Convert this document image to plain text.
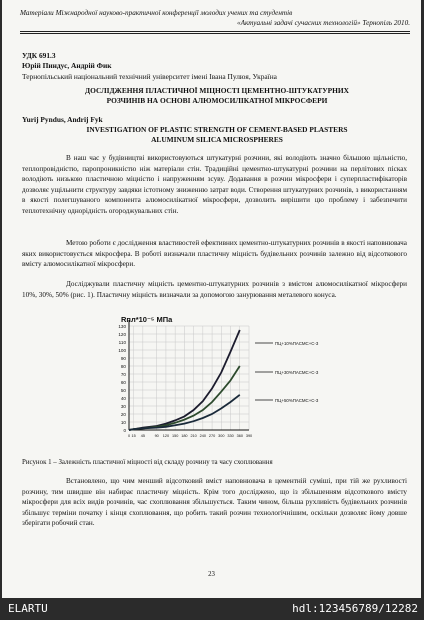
Матеріали Міжнародної науково-практичної конференції молодих учених та студентів
«Актуальні задачі сучасних технологій» Тернопіль 2010.
УДК 691.3
Юрій Пиндус, Андрій Фик
Тернопільський національний технічний університет імені Івана Пулюя, Україна
ДОСЛІДЖЕННЯ ПЛАСТИЧНОЇ МІЦНОСТІ ЦЕМЕНТНО-ШТУКАТУРНИХ
РОЗЧИНІВ НА ОСНОВІ АЛЮМОСИЛІКАТНОЇ МІКРОСФЕРИ
Yurij Pyndus, Andrij Fyk
INVESTIGATION OF PLASTIC STRENGTH OF CEMENT-BASED PLASTERS
ALUMINUM SILICA MICROSPHERES
В наш час у будівництві використовуються штукатурні розчини, які володіють значно більшою щільністю, теплопровідністю, паропроникністю ніж матеріали стін. Традиційні цементно-штукатурні розчини на перлітових пісках володіють низькою пластичною міцністю і напруженням зсуву. Додавання в розчин мікросфери і суперпластифікаторів дозволяє ущільнити структуру завдяки істотному зниженню затрат води. Створення штукатурних розчинів, з використанням в якості полегшуваного компонента алюмосилікатної мікросфери, дозволить вирішити цю проблему і забезпечити теплотехнічну однорідність огороджувальних стін.
Метою роботи є дослідження властивостей ефективних цементно-штукатурних розчинів в якості наповнювача яких використовується мікросфера. В роботі визначали пластичну міцність будівельних розчинів залежно від відсоткового вмісту алюмосилікатної мікросфери.
Досліджували пластичну міцність цементно-штукатурних розчинів з вмістом алюмосилікатної мікросфери 10%, 30%, 50% (рис. 1). Пластичну міцність визначали за допомогою занурювання металевого конуса.
Rпл*10⁻⁵ МПа
130
120
110
100
90
80
70
60
50
40
30
20
10
0
0 15 45	90 120 150 180 210 240 270 300 330 360 390
ПЦ+10%ПАСМС+С-3
ПЦ+30%ПАСМС+С-3
ПЦ+50%ПАСМС+С-3
Рисунок 1 – Залежність пластичної міцності від складу розчину та часу схоплювання
Встановлено, що чим менший відсотковий вміст наповнювача в цементній суміші, при тій же рухливості розчину, тим швидше він набирає пластичну міцність. Крім того досліджено, що із збільшенням відсоткового вмісту мікросфери для всіх видів розчинів, час схоплювання збільшується. Таким чином, більша рухливість будівельних розчинів збільшує терміни початку і кінця схоплювання, що робить такий розчин технологічнішим, оскільки дозволяє йому довше зберігати робочий стан.
23
ELARTU	hdl:123456789/12282
